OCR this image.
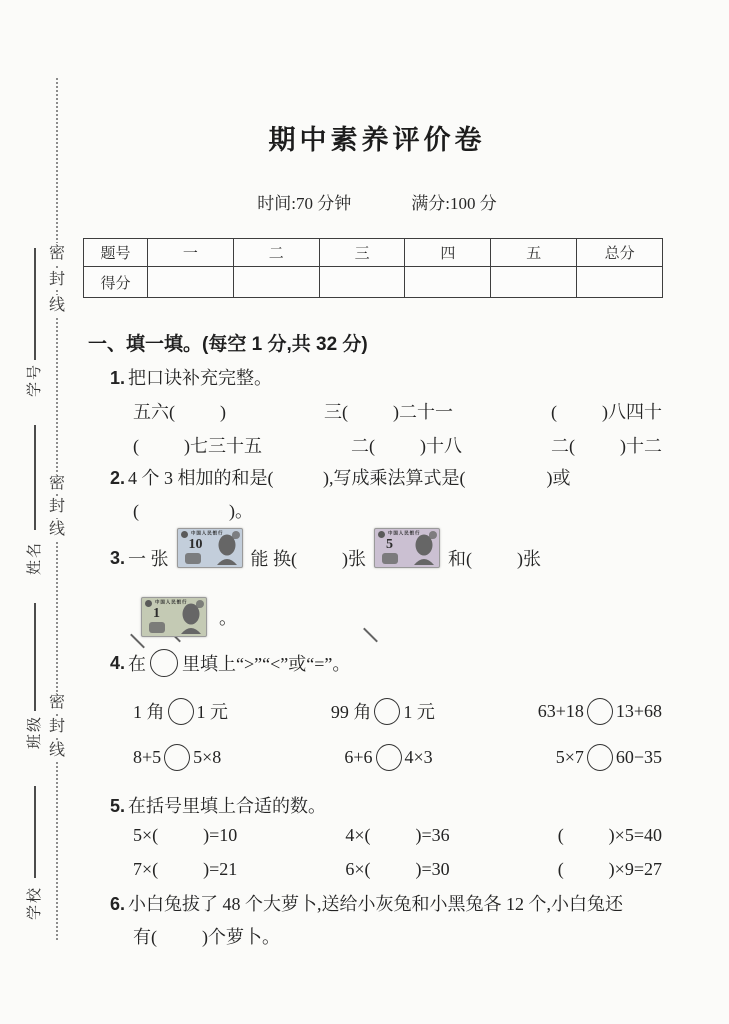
密
封
线
密
封
线
密
封
线
学号
姓名
班级
学校
期中素养评价卷
时间:70 分钟	满分:100 分
题号	一	二	三	四	五	总分
得分						
一、填一填。(每空 1 分,共 32 分)
1. 把口诀补充完整。
五六(          )	三(          )二十一	(          )八四十
(          )七三十五	二(          )十八	二(          )十二
2. 4 个 3 相加的和是(           ),写成乘法算式是(                  )或
(                    )。
3. 一 张

中国人民银行

10

能 换(          )张

中国人民银行

5

和(          )张
中国人民银行
1	。
4. 在 里填上“>”“<”或“=”。
1 角 1 元	99 角 1 元	63+18 13+68
8+5 5×8	6+6 4×3	5×7 60−35
5. 在括号里填上合适的数。
5×(          )=10	4×(          )=36	(          )×5=40
7×(          )=21	6×(          )=30	(          )×9=27
6. 小白兔拔了 48 个大萝卜,送给小灰兔和小黑兔各 12 个,小白兔还
有(          )个萝卜。
